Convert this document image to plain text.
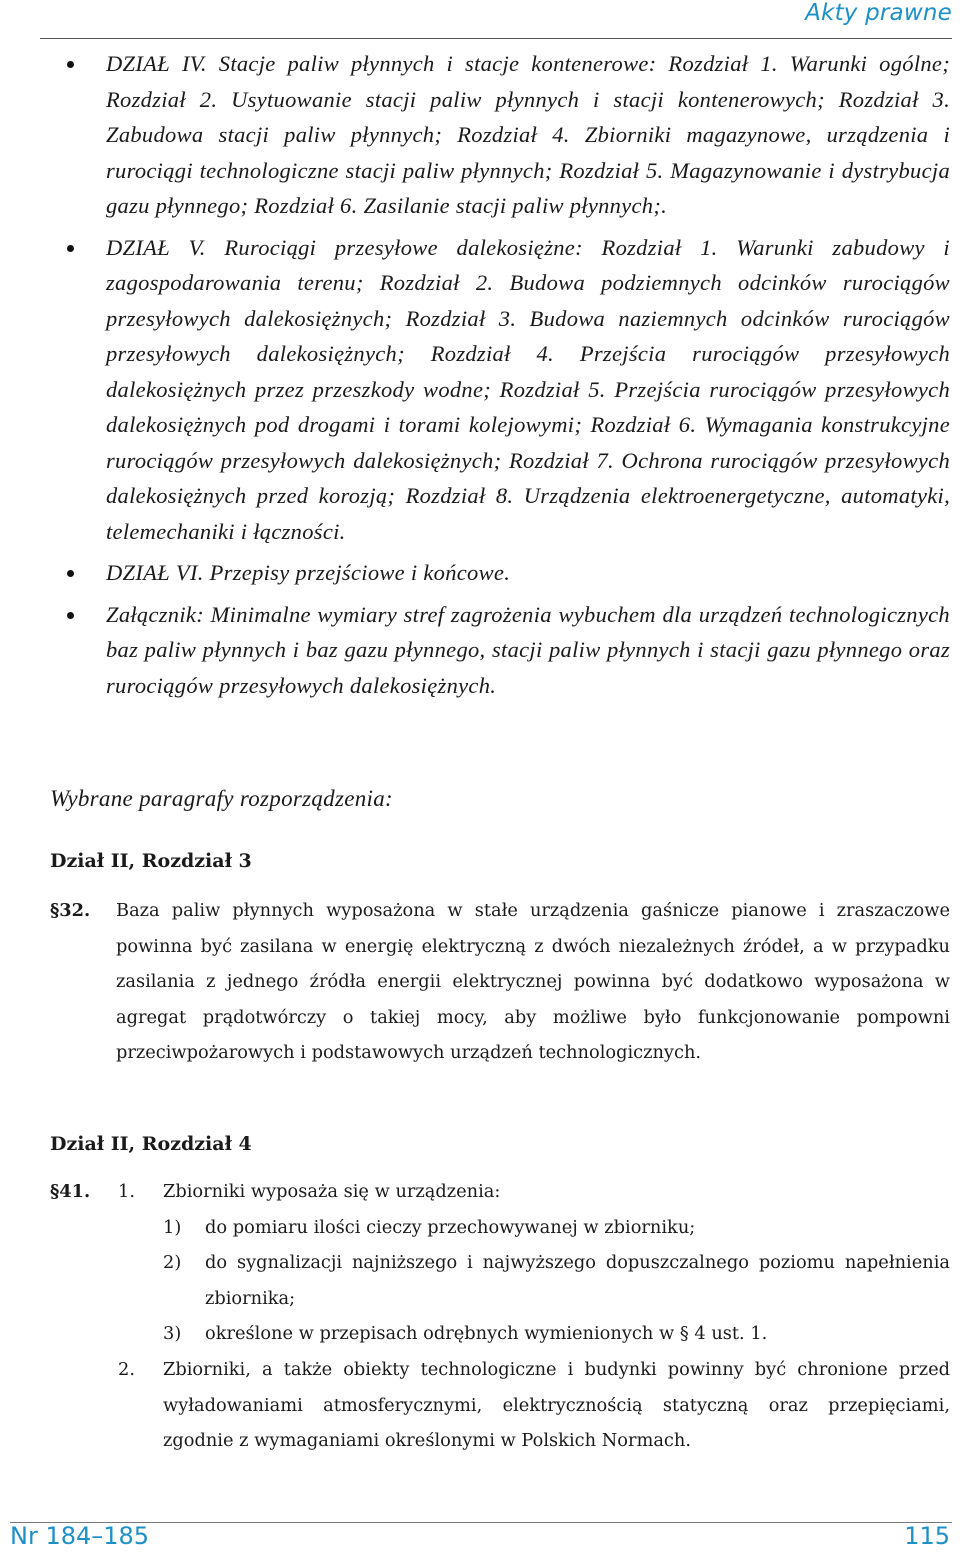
Akty prawne
DZIAŁ IV. Stacje paliw płynnych i stacje kontenerowe: Rozdział 1. Warunki ogólne; Rozdział 2. Usytuowanie stacji paliw płynnych i stacji kontenerowych; Rozdział 3. Zabudowa stacji paliw płynnych; Rozdział 4. Zbiorniki magazynowe, urządzenia i rurociągi technologiczne stacji paliw płynnych; Rozdział 5. Magazynowanie i dystrybucja gazu płynnego; Rozdział 6. Zasilanie stacji paliw płynnych;.
DZIAŁ V. Rurociągi przesyłowe dalekosiężne: Rozdział 1. Warunki zabudowy i zagospodarowania terenu; Rozdział 2. Budowa podziemnych odcinków rurociągów przesyłowych dalekosiężnych; Rozdział 3. Budowa naziemnych odcinków rurociągów przesyłowych dalekosiężnych; Rozdział 4. Przejścia rurociągów przesyłowych dalekosiężnych przez przeszkody wodne; Rozdział 5. Przejścia rurociągów przesyłowych dalekosiężnych pod drogami i torami kolejowymi; Rozdział 6. Wymagania konstrukcyjne rurociągów przesyłowych dalekosiężnych; Rozdział 7. Ochrona rurociągów przesyłowych dalekosiężnych przed korozją; Rozdział 8. Urządzenia elektroenergetyczne, automatyki, telemechaniki i łączności.
DZIAŁ VI. Przepisy przejściowe i końcowe.
Załącznik: Minimalne wymiary stref zagrożenia wybuchem dla urządzeń technologicznych baz paliw płynnych i baz gazu płynnego, stacji paliw płynnych i stacji gazu płynnego oraz rurociągów przesyłowych dalekosiężnych.
Wybrane paragrafy rozporządzenia:
Dział II, Rozdział 3
§32. Baza paliw płynnych wyposażona w stałe urządzenia gaśnicze pianowe i zraszaczowe powinna być zasilana w energię elektryczną z dwóch niezależnych źródeł, a w przypadku zasilania z jednego źródła energii elektrycznej powinna być dodatkowo wyposażona w agregat prądotwórczy o takiej mocy, aby możliwe było funkcjonowanie pompowni przeciwpożarowych i podstawowych urządzeń technologicznych.
Dział II, Rozdział 4
§41. 1. Zbiorniki wyposaża się w urządzenia:
1) do pomiaru ilości cieczy przechowywanej w zbiorniku;
2) do sygnalizacji najniższego i najwyższego dopuszczalnego poziomu napełnienia zbiornika;
3) określone w przepisach odrębnych wymienionych w § 4 ust. 1.
2. Zbiorniki, a także obiekty technologiczne i budynki powinny być chronione przed wyładowaniami atmosferycznymi, elektrycznością statyczną oraz przepięciami, zgodnie z wymaganiami określonymi w Polskich Normach.
Nr 184–185	115
